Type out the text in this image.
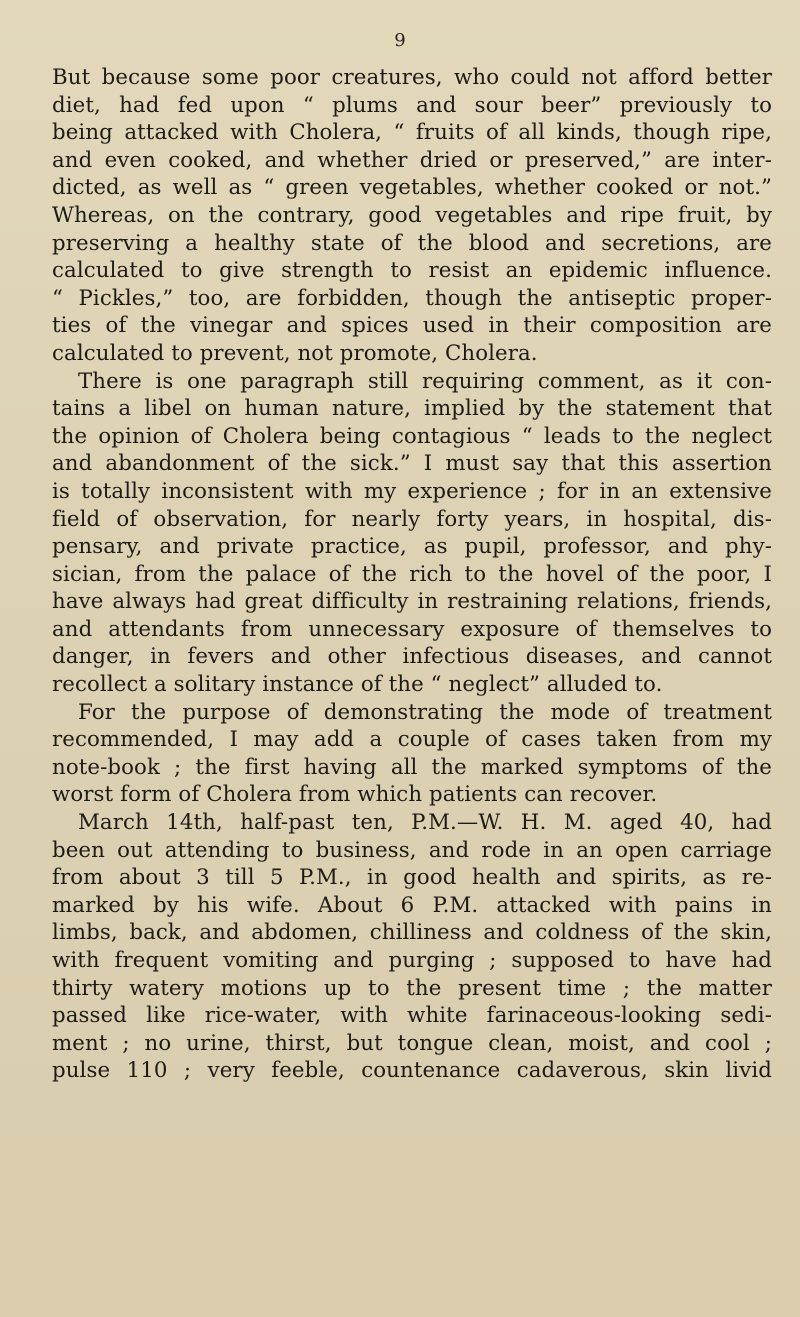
9
But because some poor creatures, who could not afford better
diet, had fed upon “ plums and sour beer” previously to
being attacked with Cholera, “ fruits of all kinds, though ripe,
and even cooked, and whether dried or preserved,” are inter-
dicted, as well as “ green vegetables, whether cooked or not.”
Whereas, on the contrary, good vegetables and ripe fruit, by
preserving a healthy state of the blood and secretions, are
calculated to give strength to resist an epidemic influence.
“ Pickles,” too, are forbidden, though the antiseptic proper-
ties of the vinegar and spices used in their composition are
calculated to prevent, not promote, Cholera.
There is one paragraph still requiring comment, as it con-
tains a libel on human nature, implied by the statement that
the opinion of Cholera being contagious “ leads to the neglect
and abandonment of the sick.” I must say that this assertion
is totally inconsistent with my experience ; for in an extensive
field of observation, for nearly forty years, in hospital, dis-
pensary, and private practice, as pupil, professor, and phy-
sician, from the palace of the rich to the hovel of the poor, I
have always had great difficulty in restraining relations, friends,
and attendants from unnecessary exposure of themselves to
danger, in fevers and other infectious diseases, and cannot
recollect a solitary instance of the “ neglect” alluded to.
For the purpose of demonstrating the mode of treatment
recommended, I may add a couple of cases taken from my
note-book ; the first having all the marked symptoms of the
worst form of Cholera from which patients can recover.
March 14th, half-past ten, P.M.—W. H. M. aged 40, had
been out attending to business, and rode in an open carriage
from about 3 till 5 P.M., in good health and spirits, as re-
marked by his wife. About 6 P.M. attacked with pains in
limbs, back, and abdomen, chilliness and coldness of the skin,
with frequent vomiting and purging ; supposed to have had
thirty watery motions up to the present time ; the matter
passed like rice-water, with white farinaceous-looking sedi-
ment ; no urine, thirst, but tongue clean, moist, and cool ;
pulse 110 ; very feeble, countenance cadaverous, skin livid
